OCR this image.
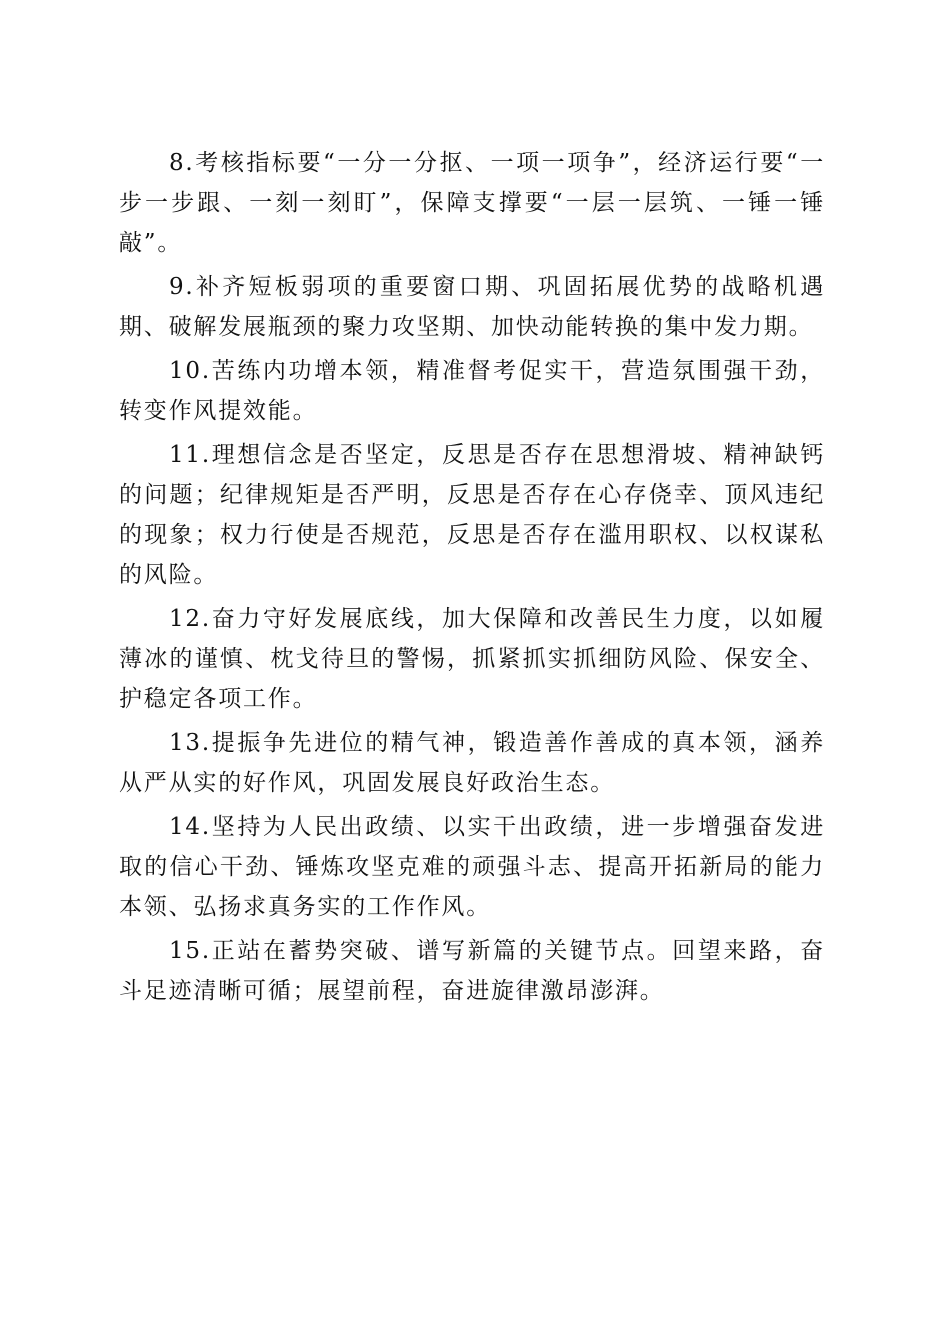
8.考核指标要“一分一分抠、一项一项争”，经济运行要“一步一步跟、一刻一刻盯”，保障支撑要“一层一层筑、一锤一锤敲”。

9.补齐短板弱项的重要窗口期、巩固拓展优势的战略机遇期、破解发展瓶颈的聚力攻坚期、加快动能转换的集中发力期。

10.苦练内功增本领，精准督考促实干，营造氛围强干劲，转变作风提效能。

11.理想信念是否坚定，反思是否存在思想滑坡、精神缺钙的问题；纪律规矩是否严明，反思是否存在心存侥幸、顶风违纪的现象；权力行使是否规范，反思是否存在滥用职权、以权谋私的风险。

12.奋力守好发展底线，加大保障和改善民生力度，以如履薄冰的谨慎、枕戈待旦的警惕，抓紧抓实抓细防风险、保安全、护稳定各项工作。

13.提振争先进位的精气神，锻造善作善成的真本领，涵养从严从实的好作风，巩固发展良好政治生态。

14.坚持为人民出政绩、以实干出政绩，进一步增强奋发进取的信心干劲、锤炼攻坚克难的顽强斗志、提高开拓新局的能力本领、弘扬求真务实的工作作风。

15.正站在蓄势突破、谱写新篇的关键节点。回望来路，奋斗足迹清晰可循；展望前程，奋进旋律激昂澎湃。
